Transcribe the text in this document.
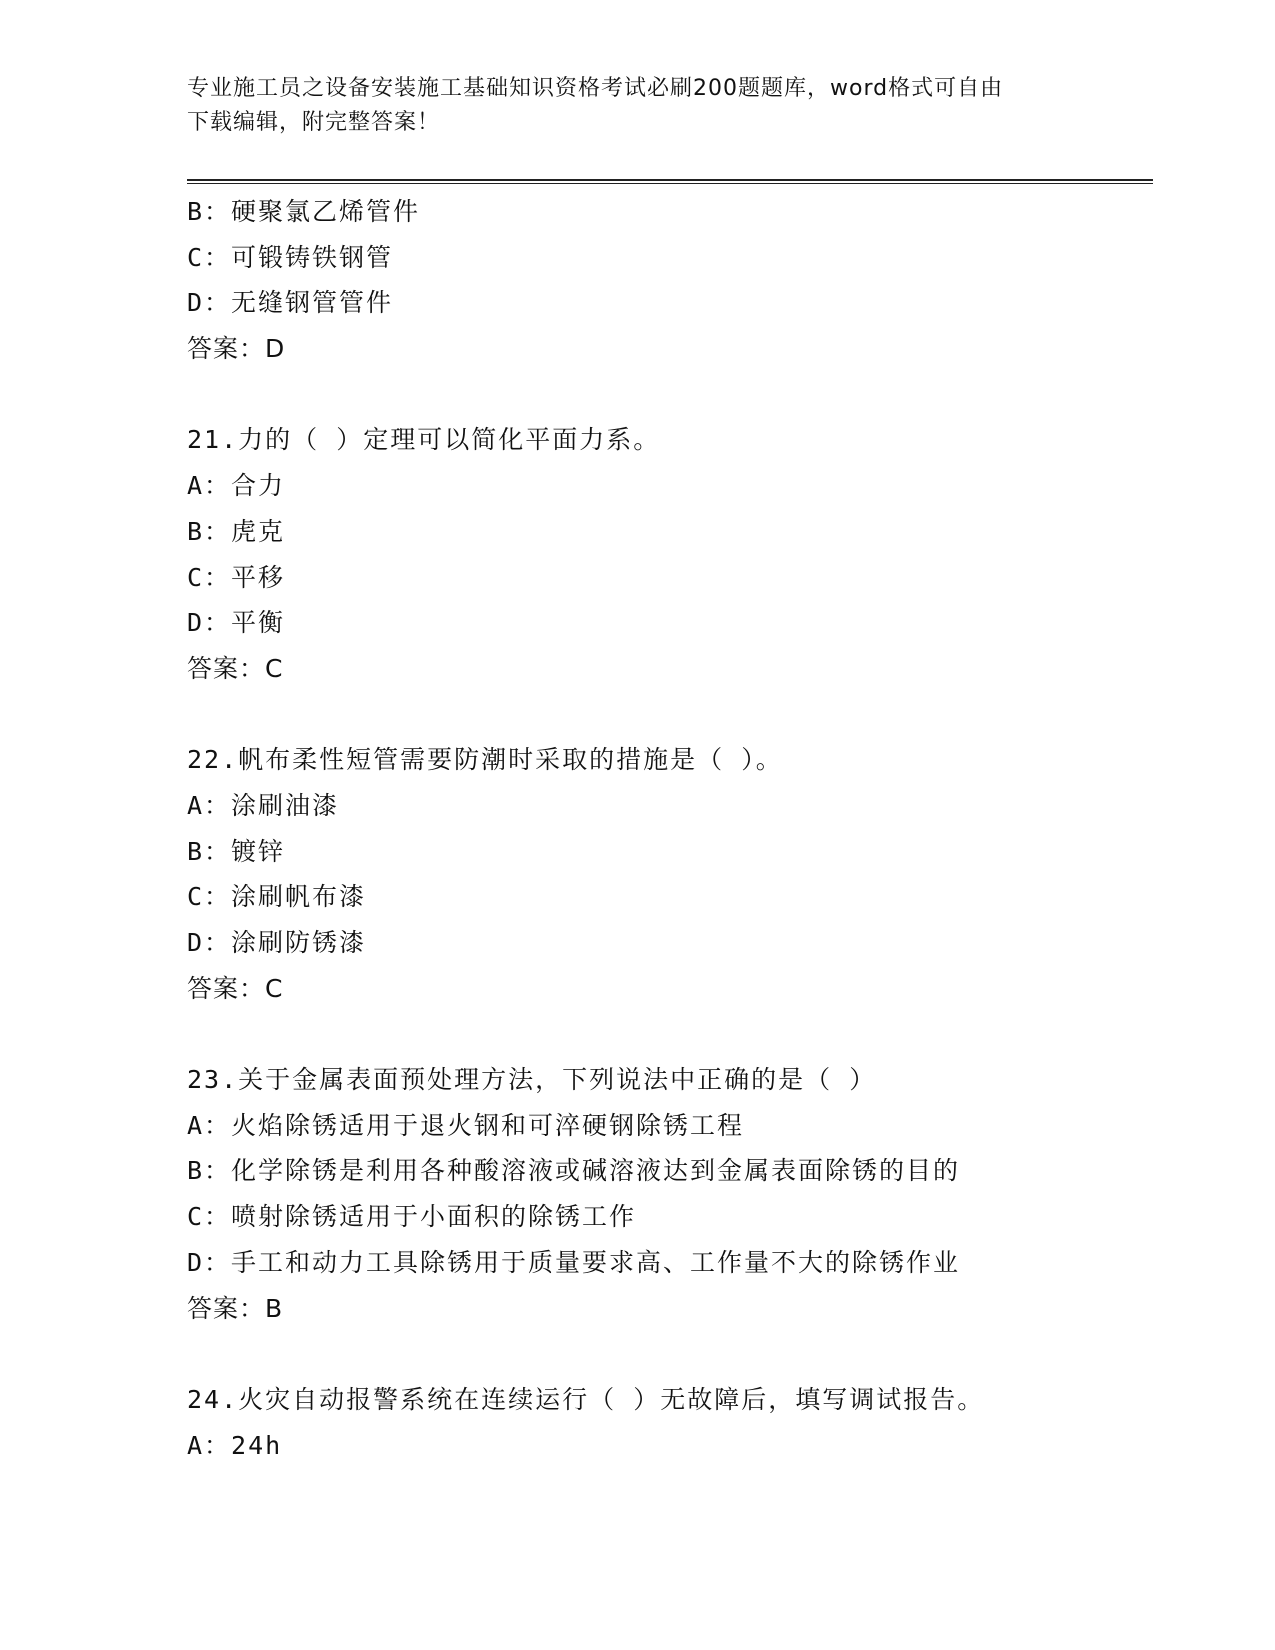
专业施工员之设备安装施工基础知识资格考试必刷200题题库，word格式可自由
下载编辑，附完整答案！
B：硬聚氯乙烯管件
C：可锻铸铁钢管
D：无缝钢管管件
答案：D
21.力的（ ）定理可以简化平面力系。
A：合力
B：虎克
C：平移
D：平衡
答案：C
22.帆布柔性短管需要防潮时采取的措施是（ ）。
A：涂刷油漆
B：镀锌
C：涂刷帆布漆
D：涂刷防锈漆
答案：C
23.关于金属表面预处理方法，下列说法中正确的是（ ）
A：火焰除锈适用于退火钢和可淬硬钢除锈工程
B：化学除锈是利用各种酸溶液或碱溶液达到金属表面除锈的目的
C：喷射除锈适用于小面积的除锈工作
D：手工和动力工具除锈用于质量要求高、工作量不大的除锈作业
答案：B
24.火灾自动报警系统在连续运行（ ）无故障后，填写调试报告。
A：24h
